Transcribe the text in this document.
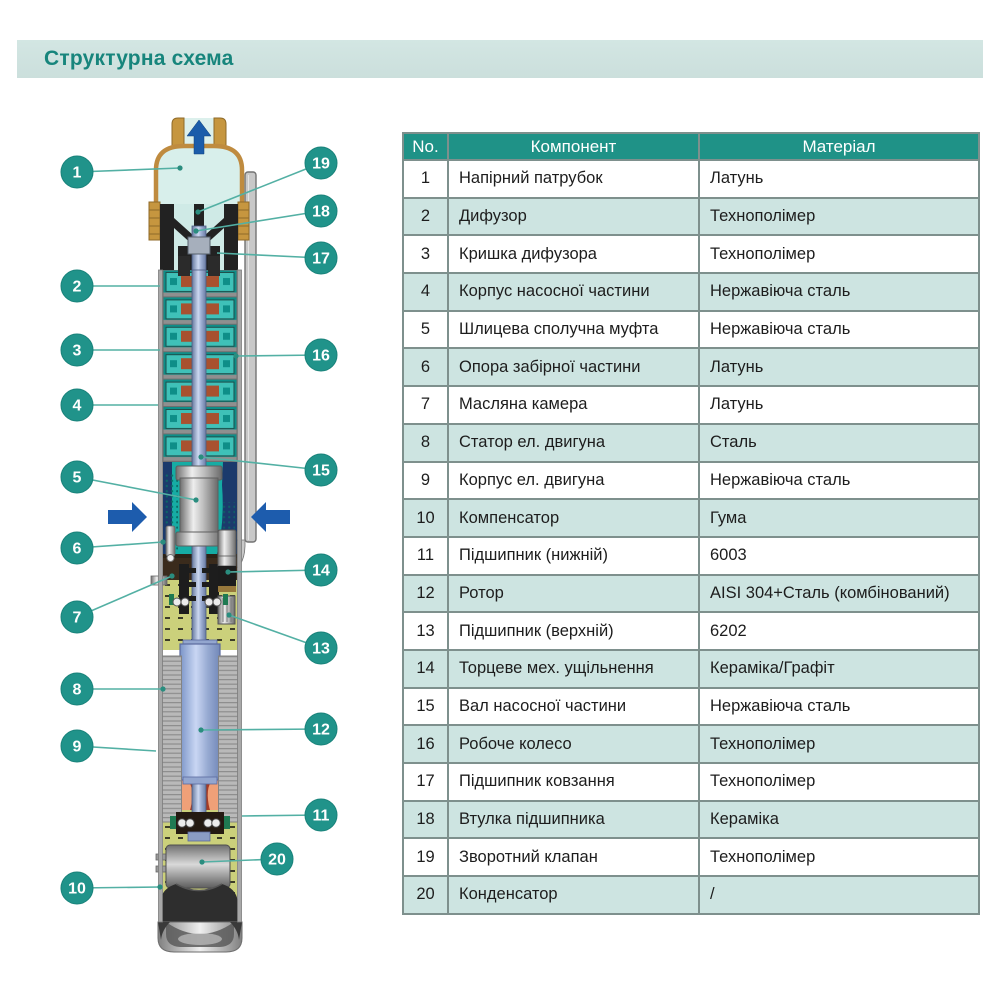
Структурна схема
1
2
3
4
5
6
7
8
9
10
19
18
17
16
15
14
13
12
11
20
No.	Компонент	Матеріал
1	Напірний патрубок	Латунь
2	Дифузор	Технополімер
3	Кришка дифузора	Технополімер
4	Корпус насосної частини	Нержавіюча сталь
5	Шлицева сполучна муфта	Нержавіюча сталь
6	Опора забірної частини	Латунь
7	Масляна камера	Латунь
8	Статор ел. двигуна	Сталь
9	Корпус ел. двигуна	Нержавіюча сталь
10	Компенсатор	Гума
11	Підшипник (нижній)	6003
12	Ротор	AISI 304+Сталь (комбінований)
13	Підшипник (верхній)	6202
14	Торцеве мех. ущільнення	Кераміка/Графіт
15	Вал насосної частини	Нержавіюча сталь
16	Робоче колесо	Технополімер
17	Підшипник ковзання	Технополімер
18	Втулка підшипника	Кераміка
19	Зворотний клапан	Технополімер
20	Конденсатор	/
